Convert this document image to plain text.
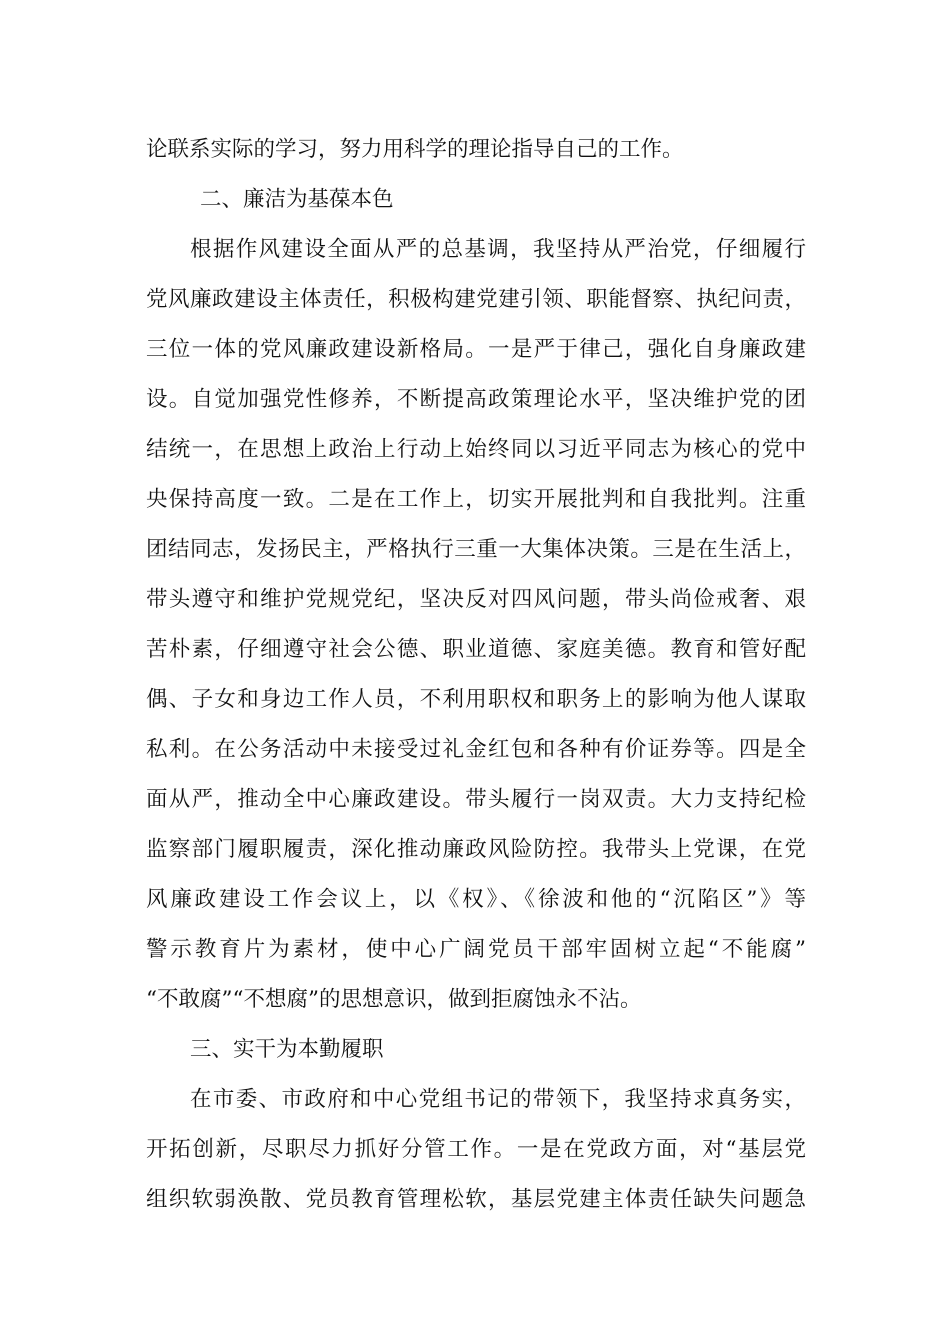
论联系实际的学习，努力用科学的理论指导自己的工作。
二、廉洁为基葆本色
根据作风建设全面从严的总基调，我坚持从严治党，仔细履行
党风廉政建设主体责任，积极构建党建引领、职能督察、执纪问责，
三位一体的党风廉政建设新格局。一是严于律己，强化自身廉政建
设。自觉加强党性修养，不断提高政策理论水平，坚决维护党的团
结统一，在思想上政治上行动上始终同以习近平同志为核心的党中
央保持高度一致。二是在工作上，切实开展批判和自我批判。注重
团结同志，发扬民主，严格执行三重一大集体决策。三是在生活上，
带头遵守和维护党规党纪，坚决反对四风问题，带头尚俭戒奢、艰
苦朴素，仔细遵守社会公德、职业道德、家庭美德。教育和管好配
偶、子女和身边工作人员，不利用职权和职务上的影响为他人谋取
私利。在公务活动中未接受过礼金红包和各种有价证券等。四是全
面从严，推动全中心廉政建设。带头履行一岗双责。大力支持纪检
监察部门履职履责，深化推动廉政风险防控。我带头上党课，在党
风廉政建设工作会议上，以《权》、《徐波和他的“沉陷区”》等
警示教育片为素材，使中心广阔党员干部牢固树立起“不能腐”
“不敢腐”“不想腐”的思想意识，做到拒腐蚀永不沾。
三、实干为本勤履职
在市委、市政府和中心党组书记的带领下，我坚持求真务实，
开拓创新，尽职尽力抓好分管工作。一是在党政方面，对“基层党
组织软弱涣散、党员教育管理松软，基层党建主体责任缺失问题急
